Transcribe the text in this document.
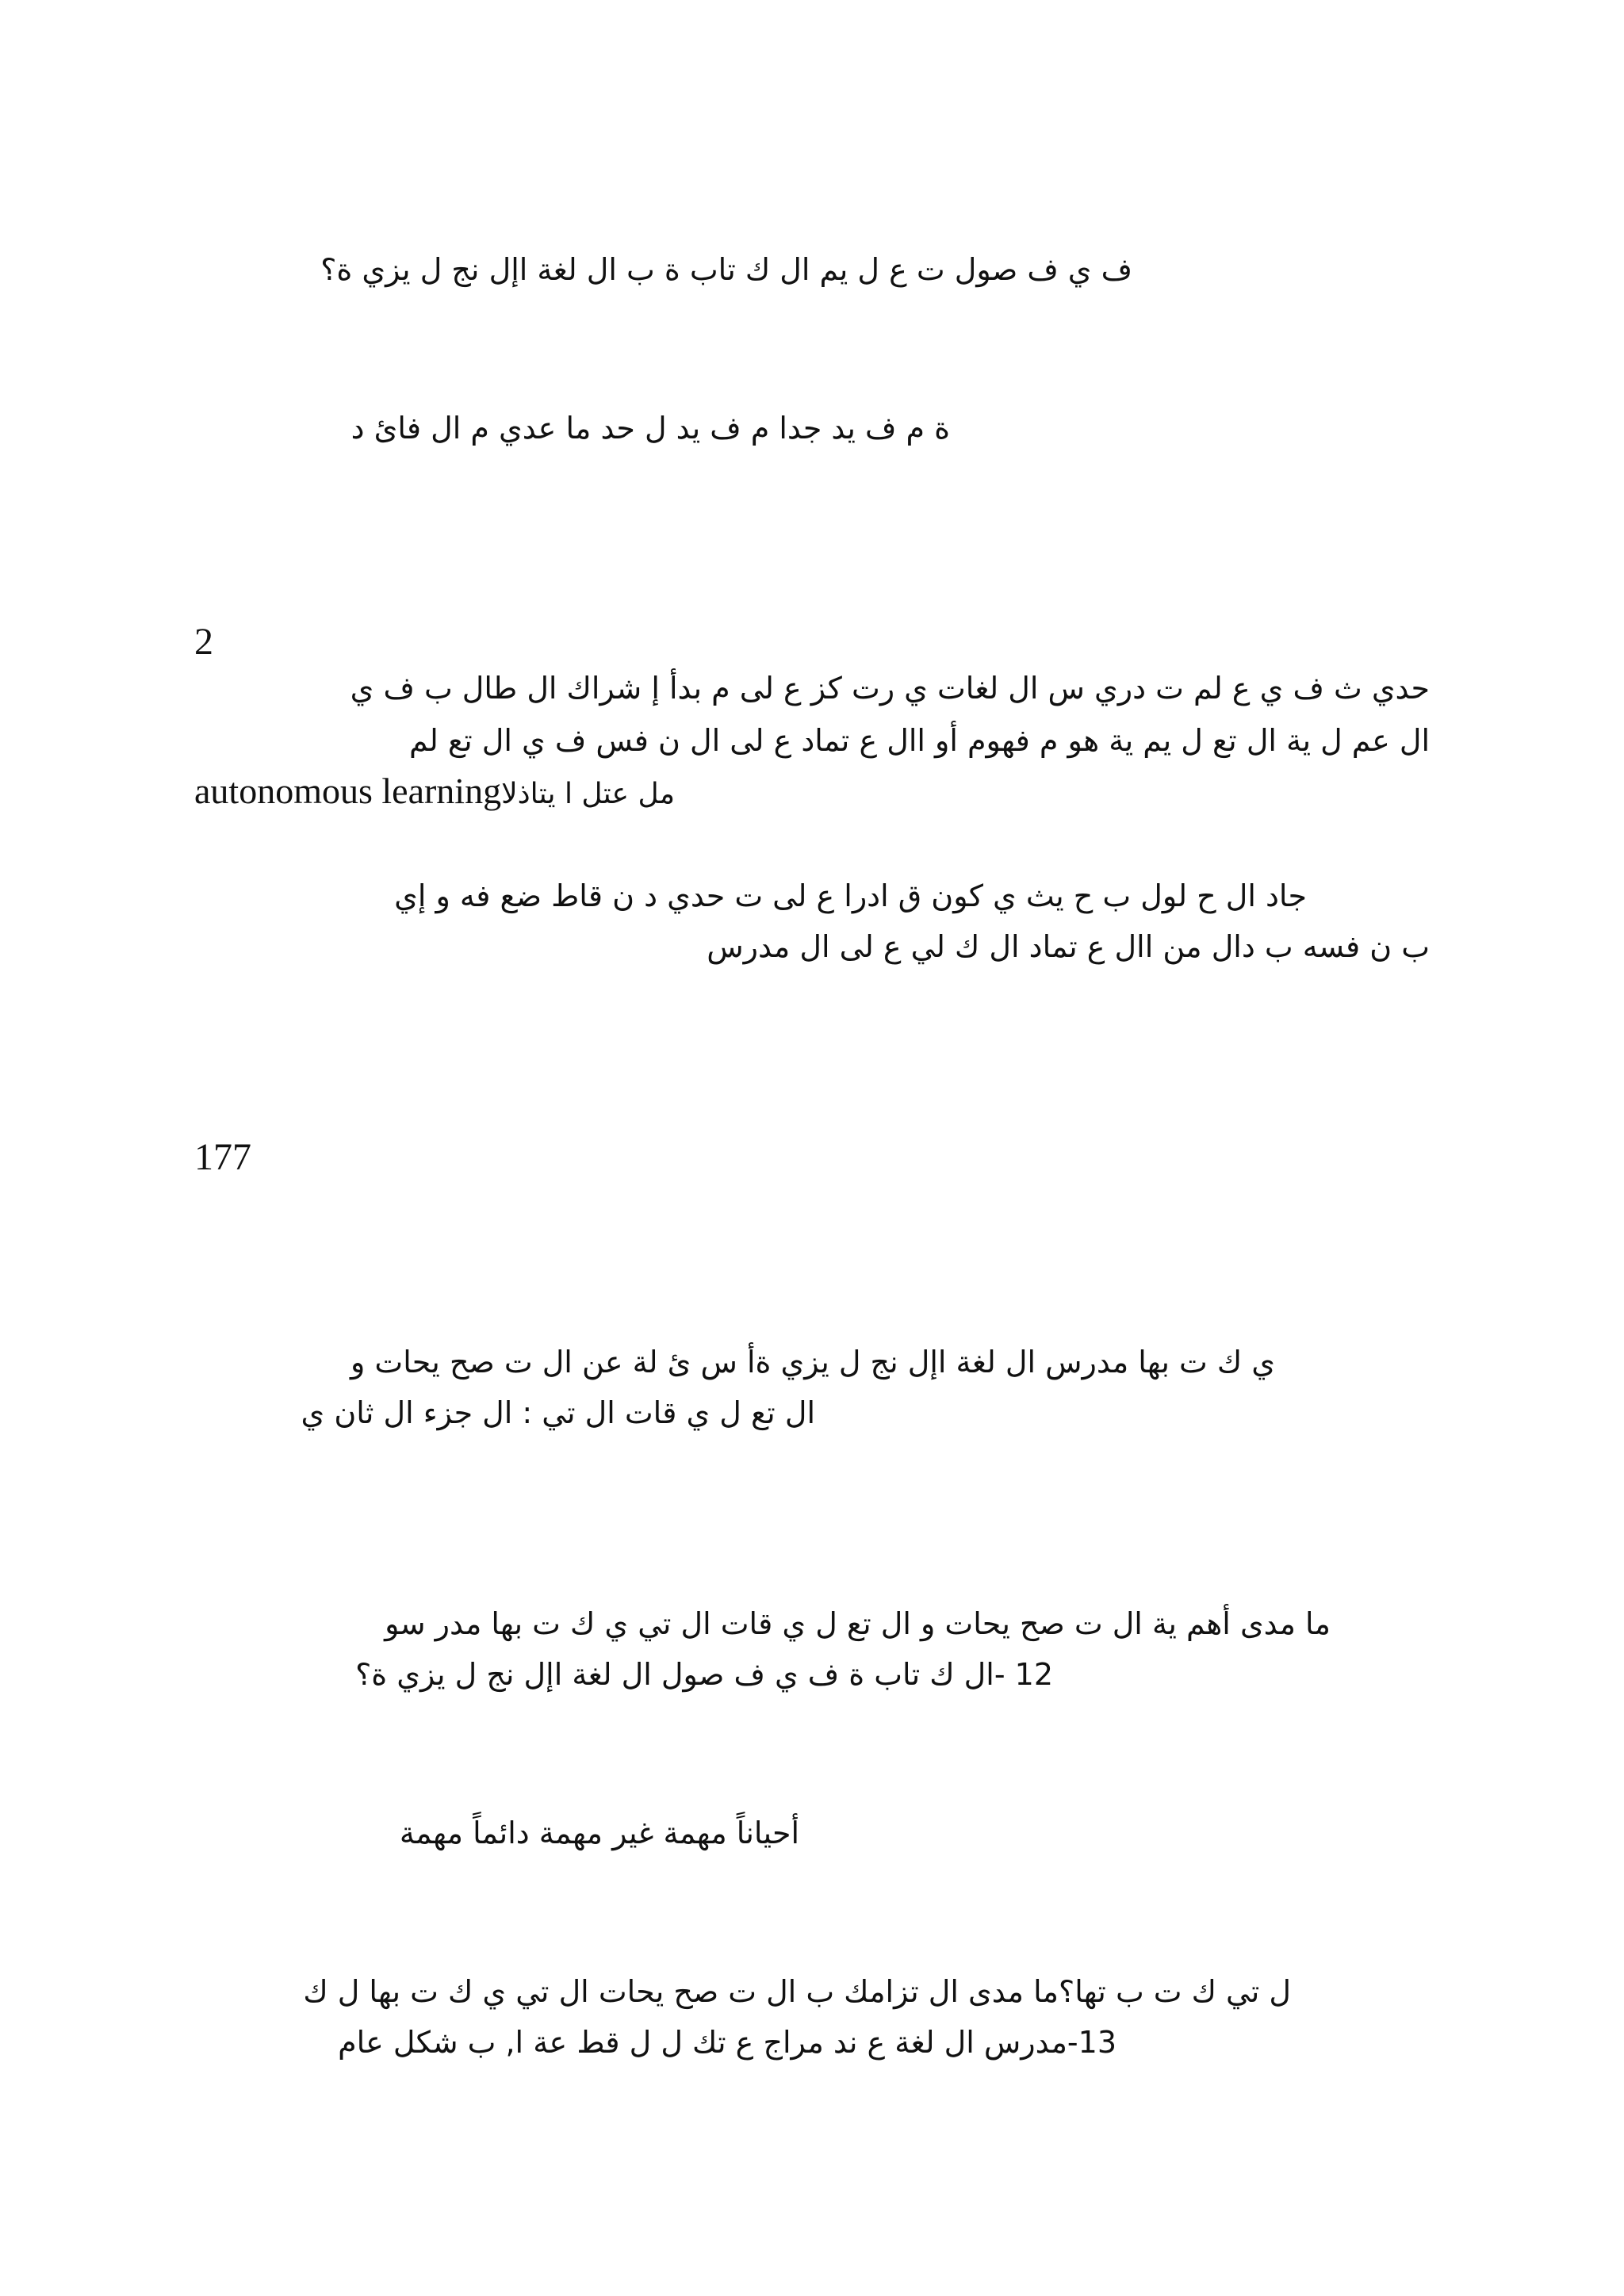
ف ي ف صول ت ع ل يم ال ك تاب ة ب ال لغة اإل نج ل يزي ة؟
ة م ف يد جدا م ف يد ل حد ما عدي م ال فائ د
2
حدي ث ف ي ع لم ت دري س ال لغات ي رت كز ع لى م بدأ إ شراك ال طال ب ف ي
ال عم ل ية ال تع ل يم ية هو م فهوم أو اال ع تماد ع لى ال ن فس ف ي ال تع لم
autonomous learningمل عتل ا يتاذلا
جاد ال ح لول ب ح يث ي كون ق ادرا ع لى ت حدي د ن قاط ضع فه و إي
ب ن فسه ب دال من اال ع تماد ال ك لي ع لى ال مدرس
177
ي ك ت بها مدرس ال لغة اإل نج ل يزي ةأ س ئ لة عن ال ت صح يحات و
ال تع ل ي قات ال تي : ال جزء ال ثان ي
ما مدى أهم ية ال ت صح يحات و ال تع ل ي قات ال تي ي ك ت بها مدر سو
12 -ال ك تاب ة ف ي ف صول ال لغة اإل نج ل يزي ة؟
أحياناً مهمة غير مهمة دائماً مهمة
ل تي ك ت ب تها؟ما مدى ال تزامك ب ال ت صح يحات ال تي ي ك ت بها ل ك
13-مدرس ال لغة ع ند مراج ع تك ل ل قط عة ا, ب شكل عام
